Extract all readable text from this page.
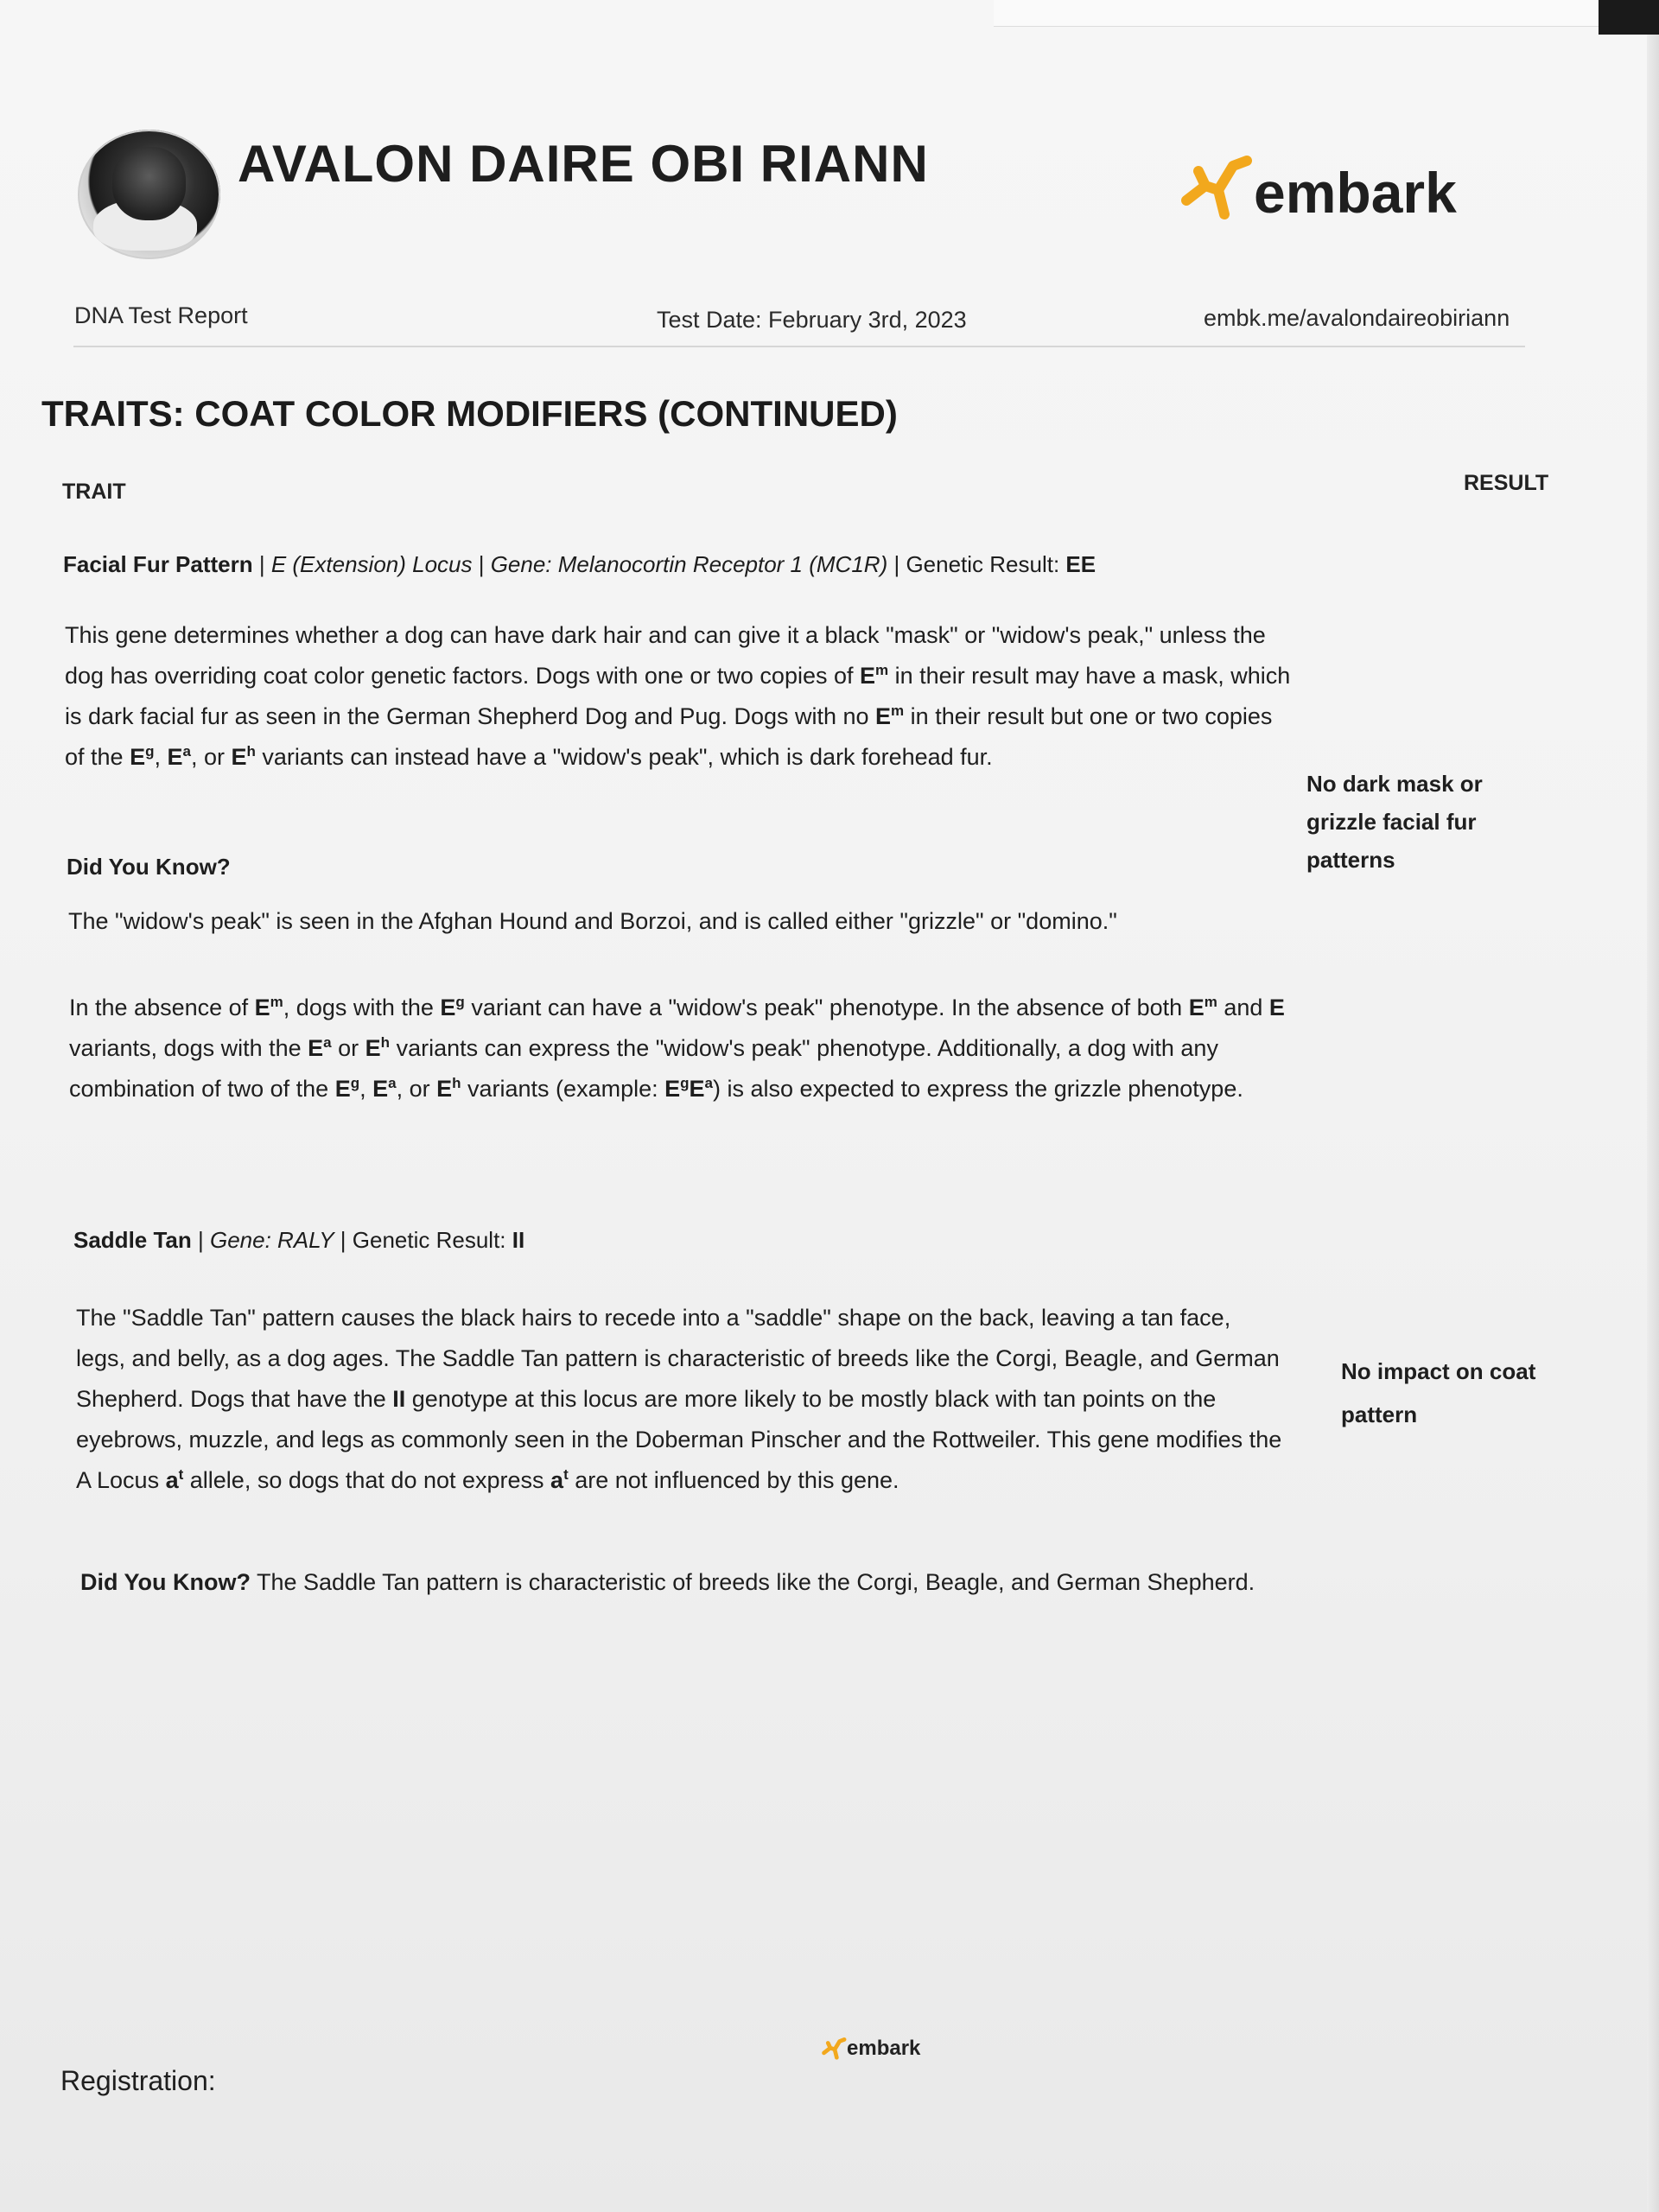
AVALON DAIRE OBI RIANN	embark
DNA Test Report	Test Date: February 3rd, 2023	embk.me/avalondaireobiriann
TRAITS: COAT COLOR MODIFIERS (CONTINUED)
TRAIT	RESULT
Facial Fur Pattern | E (Extension) Locus | Gene: Melanocortin Receptor 1 (MC1R) | Genetic Result: EE
This gene determines whether a dog can have dark hair and can give it a black "mask" or "widow's peak," unless the dog has overriding coat color genetic factors. Dogs with one or two copies of $E^m$ in their result may have a mask, which is dark facial fur as seen in the German Shepherd Dog and Pug. Dogs with no $E^m$ in their result but one or two copies of the $E^g$, $E^a$, or $E^h$ variants can instead have a "widow's peak", which is dark forehead fur.
Did You Know?
The "widow's peak" is seen in the Afghan Hound and Borzoi, and is called either "grizzle" or "domino."
In the absence of $E^m$, dogs with the $E^g$ variant can have a "widow's peak" phenotype. In the absence of both $E^m$ and E variants, dogs with the $E^a$ or $E^h$ variants can express the "widow's peak" phenotype. Additionally, a dog with any combination of two of the $E^g$, $E^a$, or $E^h$ variants (example: $E^gE^a$) is also expected to express the grizzle phenotype.
No dark mask or grizzle facial fur patterns
Saddle Tan | Gene: RALY | Genetic Result: II
The "Saddle Tan" pattern causes the black hairs to recede into a "saddle" shape on the back, leaving a tan face, legs, and belly, as a dog ages. The Saddle Tan pattern is characteristic of breeds like the Corgi, Beagle, and German Shepherd. Dogs that have the II genotype at this locus are more likely to be mostly black with tan points on the eyebrows, muzzle, and legs as commonly seen in the Doberman Pinscher and the Rottweiler. This gene modifies the A Locus $a^t$ allele, so dogs that do not express $a^t$ are not influenced by this gene.
Did You Know? The Saddle Tan pattern is characteristic of breeds like the Corgi, Beagle, and German Shepherd.
No impact on coat pattern
embark
Registration:
